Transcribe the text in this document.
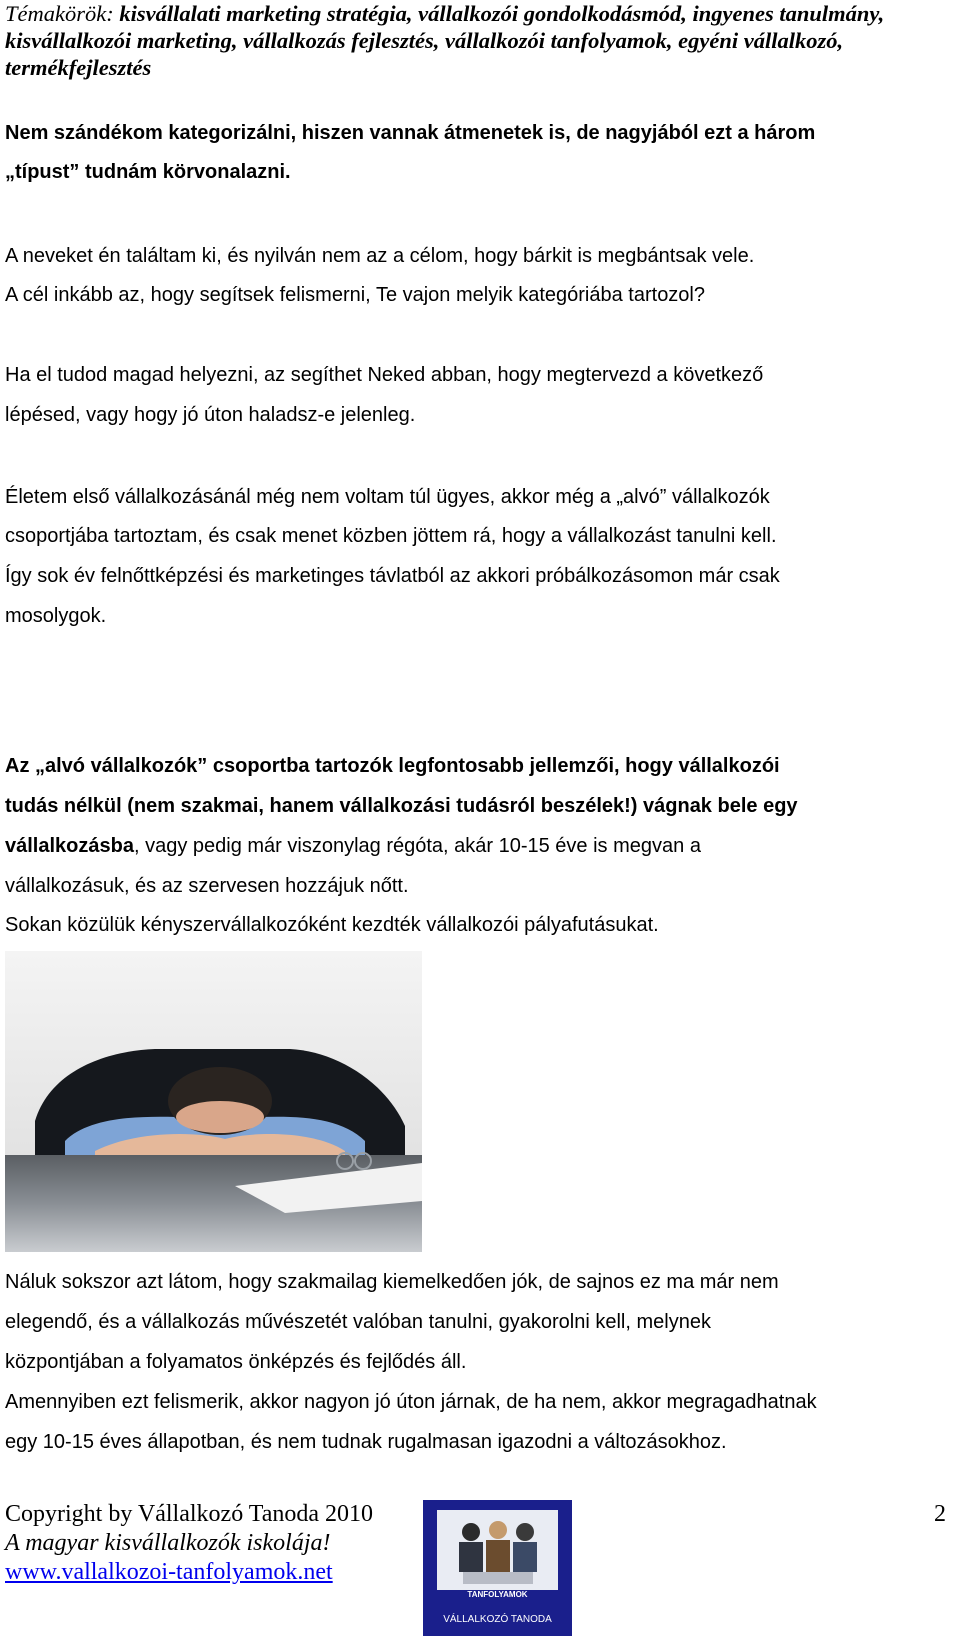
Témakörök: kisvállalati marketing stratégia, vállalkozói gondolkodásmód, ingyenes tanulmány, kisvállalkozói marketing, vállalkozás fejlesztés, vállalkozói tanfolyamok, egyéni vállalkozó, termékfejlesztés
Nem szándékom kategorizálni, hiszen vannak átmenetek is, de nagyjából ezt a három
„típust” tudnám körvonalazni.
A neveket én találtam ki, és nyilván nem az a célom, hogy bárkit is megbántsak vele.
A cél inkább az, hogy segítsek felismerni, Te vajon melyik kategóriába tartozol?
Ha el tudod magad helyezni, az segíthet Neked abban, hogy megtervezd a következő
lépésed, vagy hogy jó úton haladsz-e jelenleg.
Életem első vállalkozásánál még nem voltam túl ügyes, akkor még a „alvó” vállalkozók
csoportjába tartoztam, és csak menet közben jöttem rá, hogy a vállalkozást tanulni kell.
Így sok év felnőttképzési és marketinges távlatból az akkori próbálkozásomon már csak
mosolygok.
Az „alvó vállalkozók” csoportba tartozók legfontosabb jellemzői, hogy vállalkozói
tudás nélkül (nem szakmai, hanem vállalkozási tudásról beszélek!) vágnak bele egy
vállalkozásba, vagy pedig már viszonylag régóta, akár 10-15 éve is megvan a
vállalkozásuk, és az szervesen hozzájuk nőtt.
Sokan közülük kényszervállalkozóként kezdték vállalkozói pályafutásukat.
Náluk sokszor azt látom, hogy szakmailag kiemelkedően jók, de sajnos ez ma már nem
elegendő, és a vállalkozás művészetét valóban tanulni, gyakorolni kell, melynek
központjában a folyamatos önképzés és fejlődés áll.
Amennyiben ezt felismerik, akkor nagyon jó úton járnak, de ha nem, akkor megragadhatnak
egy 10-15 éves állapotban, és nem tudnak rugalmasan igazodni a változásokhoz.
Copyright by Vállalkozó Tanoda 2010
A magyar kisvállalkozók iskolája!
www.vallalkozoi-tanfolyamok.net
TANFOLYAMOK
VÁLLALKOZÓ TANODA
2
